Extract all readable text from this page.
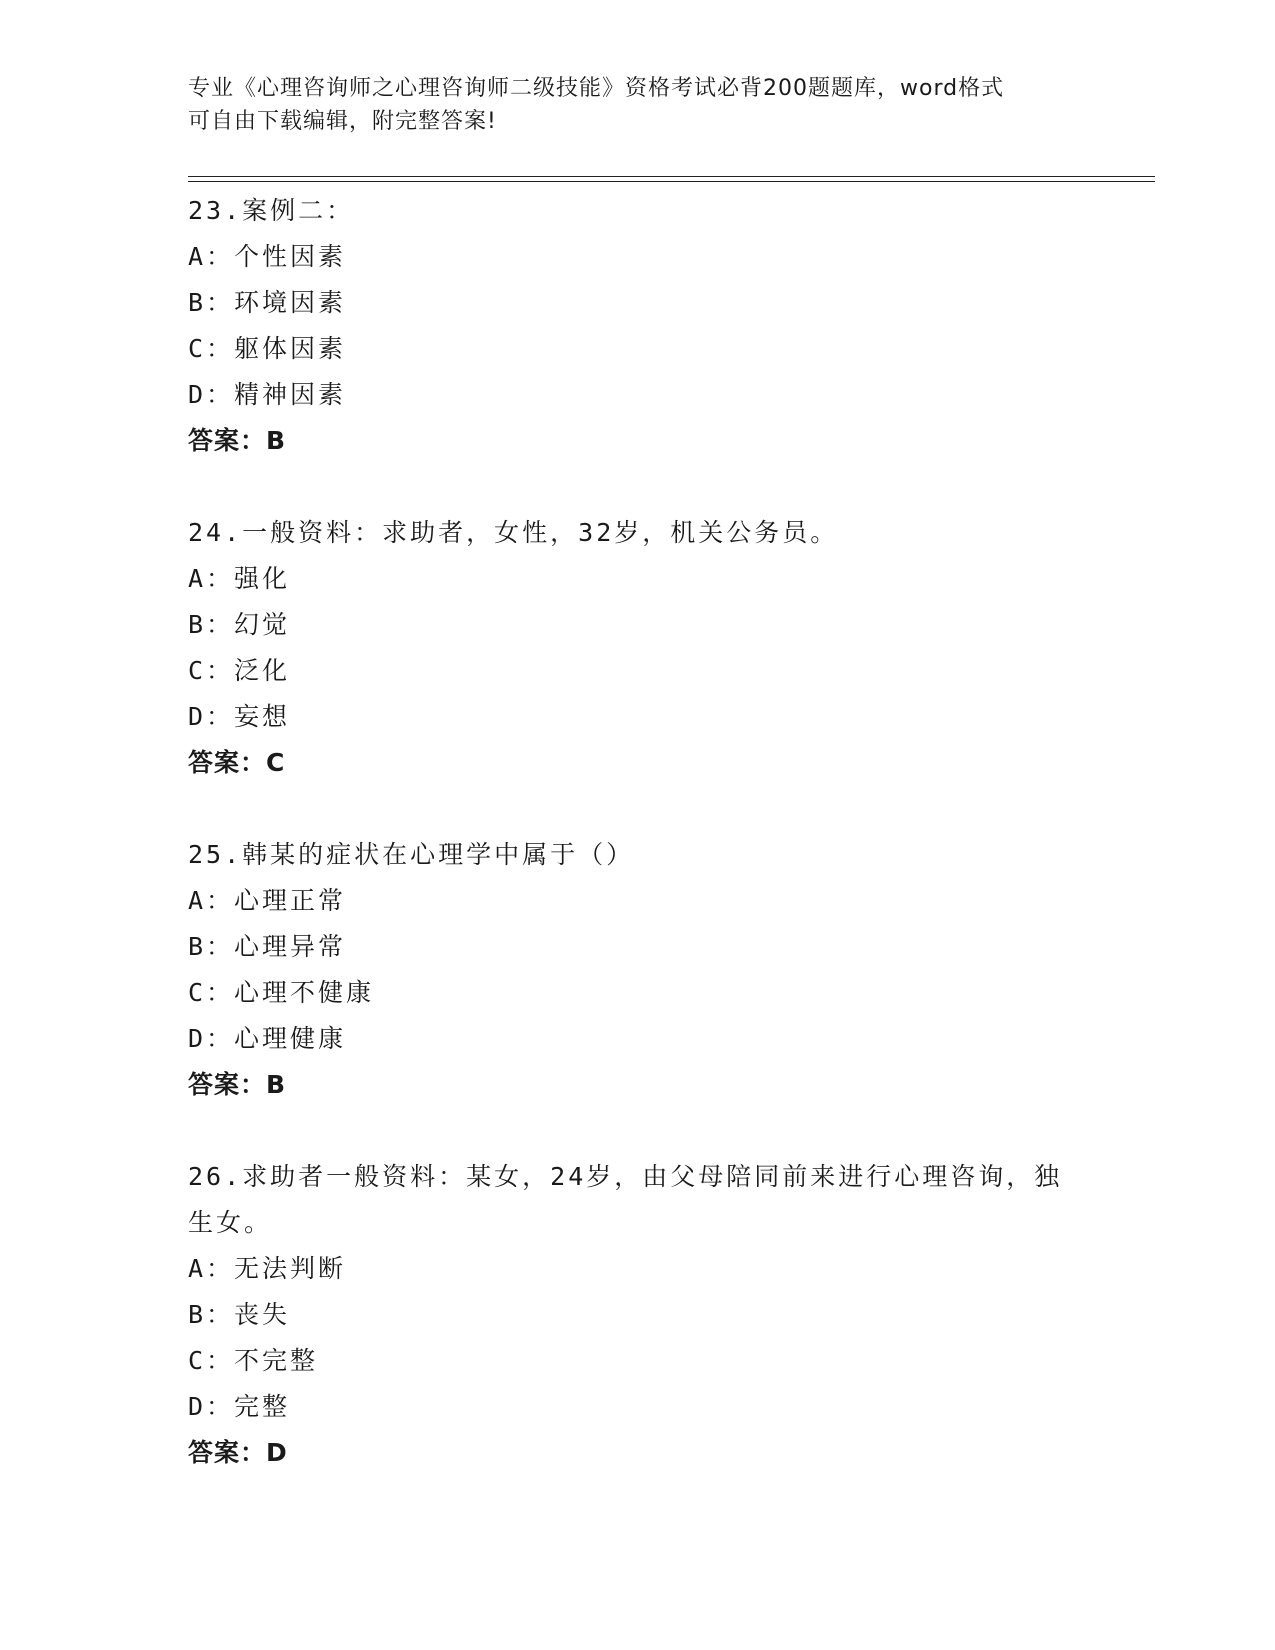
专业《心理咨询师之心理咨询师二级技能》资格考试必背200题题库，word格式
可自由下载编辑，附完整答案!
23.案例二：
A：个性因素
B：环境因素
C：躯体因素
D：精神因素
答案：B
24.一般资料：求助者，女性，32岁，机关公务员。
A：强化
B：幻觉
C：泛化
D：妄想
答案：C
25.韩某的症状在心理学中属于（）
A：心理正常
B：心理异常
C：心理不健康
D：心理健康
答案：B
26.求助者一般资料：某女，24岁，由父母陪同前来进行心理咨询，独
生女。
A：无法判断
B：丧失
C：不完整
D：完整
答案：D
